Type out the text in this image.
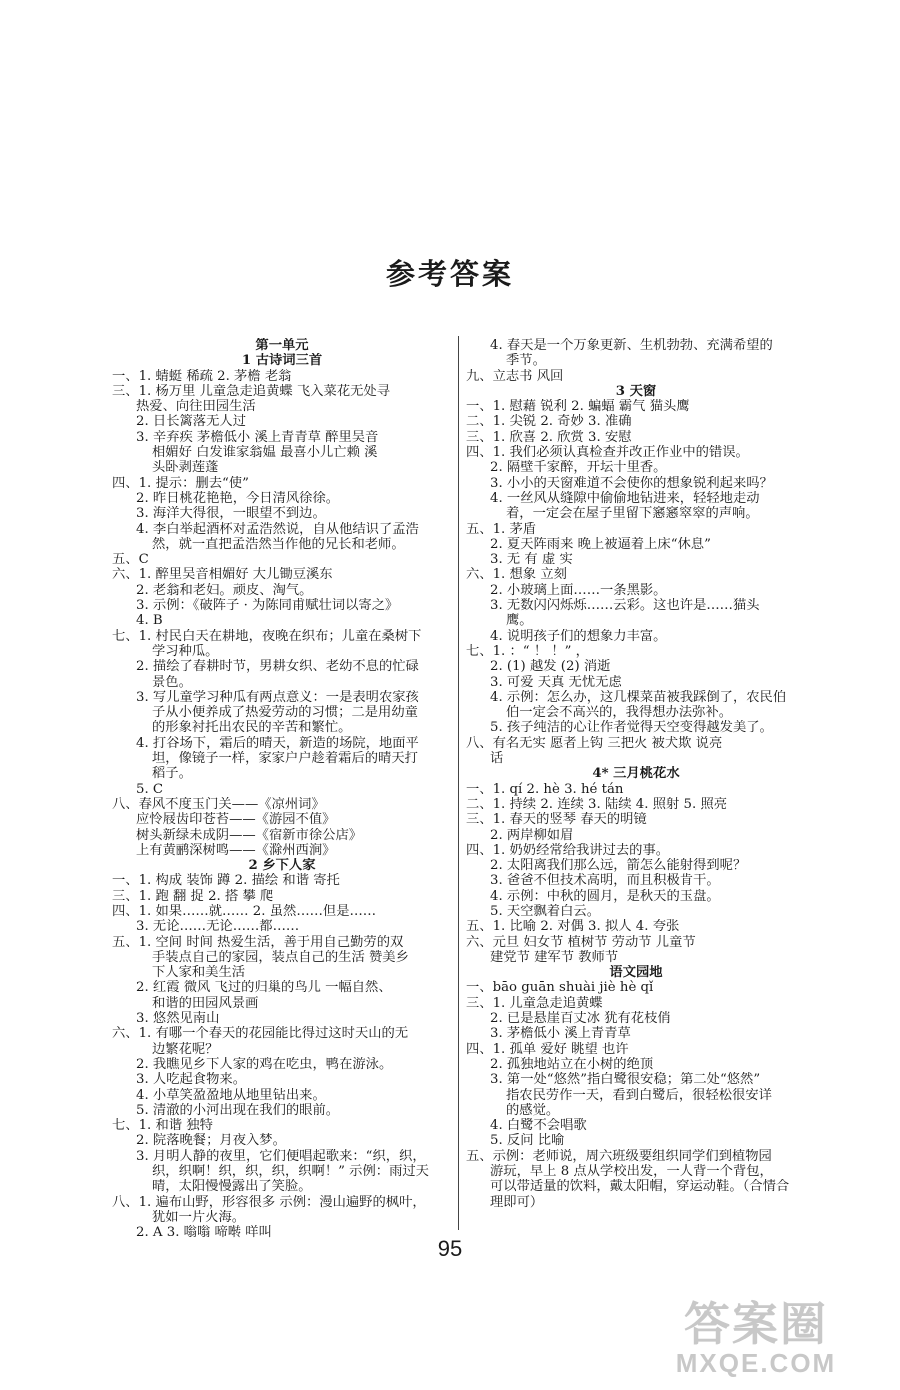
参考答案
第一单元
1 古诗词三首
一、1. 蜻蜓 稀疏 2. 茅檐 老翁
三、1. 杨万里 儿童急走追黄蝶 飞入菜花无处寻
热爱、向往田园生活
2. 日长篱落无人过
3. 辛弃疾 茅檐低小 溪上青青草 醉里吴音
相媚好 白发谁家翁媪 最喜小儿亡赖 溪
头卧剥莲蓬
四、1. 提示：删去“使”
2. 昨日桃花艳艳，今日清风徐徐。
3. 海洋大得很，一眼望不到边。
4. 李白举起酒杯对孟浩然说，自从他结识了孟浩
然，就一直把孟浩然当作他的兄长和老师。
五、C
六、1. 醉里吴音相媚好 大儿锄豆溪东
2. 老翁和老妇。顽皮、淘气。
3. 示例：《破阵子 · 为陈同甫赋壮词以寄之》
4. B
七、1. 村民白天在耕地，夜晚在织布；儿童在桑树下
学习种瓜。
2. 描绘了春耕时节，男耕女织、老幼不息的忙碌
景色。
3. 写儿童学习种瓜有两点意义：一是表明农家孩
子从小便养成了热爱劳动的习惯；二是用幼童
的形象衬托出农民的辛苦和繁忙。
4. 打谷场下，霜后的晴天，新造的场院，地面平
坦，像镜子一样，家家户户趁着霜后的晴天打
稻子。
5. C
八、春风不度玉门关——《凉州词》
应怜屐齿印苍苔——《游园不值》
树头新绿未成阴——《宿新市徐公店》
上有黄鹂深树鸣——《滁州西涧》
2 乡下人家
一、1. 构成 装饰 蹲 2. 描绘 和谐 寄托
三、1. 跑 翻 捉 2. 搭 攀 爬
四、1. 如果……就…… 2. 虽然……但是……
3. 无论……无论……都……
五、1. 空间 时间 热爱生活，善于用自己勤劳的双
手装点自己的家园，装点自己的生活 赞美乡
下人家和美生活
2. 红霞 微风 飞过的归巢的鸟儿 一幅自然、
和谐的田园风景画
3. 悠然见南山
六、1. 有哪一个春天的花园能比得过这时天山的无
边繁花呢？
2. 我瞧见乡下人家的鸡在吃虫，鸭在游泳。
3. 人吃起食物来。
4. 小草笑盈盈地从地里钻出来。
5. 清澈的小河出现在我们的眼前。
七、1. 和谐 独特
2. 院落晚餐；月夜入梦。
3. 月明人静的夜里，它们便唱起歌来：“织，织，
织，织啊！织，织，织，织啊！” 示例：雨过天
晴，太阳慢慢露出了笑脸。
八、1. 遍布山野，形容很多 示例：漫山遍野的枫叶，
犹如一片火海。
2. A 3. 嗡嗡 啼啭 咩叫
4. 春天是一个万象更新、生机勃勃、充满希望的
季节。
九、立志书 风回
3 天窗
一、1. 慰藉 锐利 2. 蝙蝠 霸气 猫头鹰
二、1. 尖锐 2. 奇妙 3. 准确
三、1. 欣喜 2. 欣赏 3. 安慰
四、1. 我们必须认真检查并改正作业中的错误。
2. 隔壁千家醉，开坛十里香。
3. 小小的天窗难道不会使你的想象锐利起来吗？
4. 一丝风从缝隙中偷偷地钻进来，轻轻地走动
着，一定会在屋子里留下窸窸窣窣的声响。
五、1. 茅盾
2. 夏天阵雨来 晚上被逼着上床“休息”
3. 无 有 虚 实
六、1. 想象 立刻
2. 小玻璃上面……一条黑影。
3. 无数闪闪烁烁……云彩。这也许是……猫头
鹰。
4. 说明孩子们的想象力丰富。
七、1. ：“ ！ ！” ，
2. (1) 越发 (2) 消逝
3. 可爱 天真 无忧无虑
4. 示例：怎么办，这几棵菜苗被我踩倒了，农民伯
伯一定会不高兴的，我得想办法弥补。
5. 孩子纯洁的心让作者觉得天空变得越发美了。
八、有名无实 愿者上钩 三把火 被犬欺 说亮
话
4* 三月桃花水
一、1. qí 2. hè 3. hé tán
二、1. 持续 2. 连续 3. 陆续 4. 照射 5. 照亮
三、1. 春天的竖琴 春天的明镜
2. 两岸柳如眉
四、1. 奶奶经常给我讲过去的事。
2. 太阳离我们那么远，箭怎么能射得到呢？
3. 爸爸不但技术高明，而且积极肯干。
4. 示例：中秋的圆月，是秋天的玉盘。
5. 天空飘着白云。
五、1. 比喻 2. 对偶 3. 拟人 4. 夸张
六、元旦 妇女节 植树节 劳动节 儿童节
建党节 建军节 教师节
语文园地
一、bāo guān shuài jiè hè qǐ
三、1. 儿童急走追黄蝶
2. 已是悬崖百丈冰 犹有花枝俏
3. 茅檐低小 溪上青青草
四、1. 孤单 爱好 眺望 也许
2. 孤独地站立在小树的绝顶
3. 第一处“悠然”指白鹭很安稳；第二处“悠然”
指农民劳作一天，看到白鹭后，很轻松很安详
的感觉。
4. 白鹭不会唱歌
5. 反问 比喻
五、示例：老师说，周六班级要组织同学们到植物园
游玩，早上 8 点从学校出发，一人背一个背包，
可以带适量的饮料，戴太阳帽，穿运动鞋。（合情合
理即可）
95
答案圈
MXQE.COM
